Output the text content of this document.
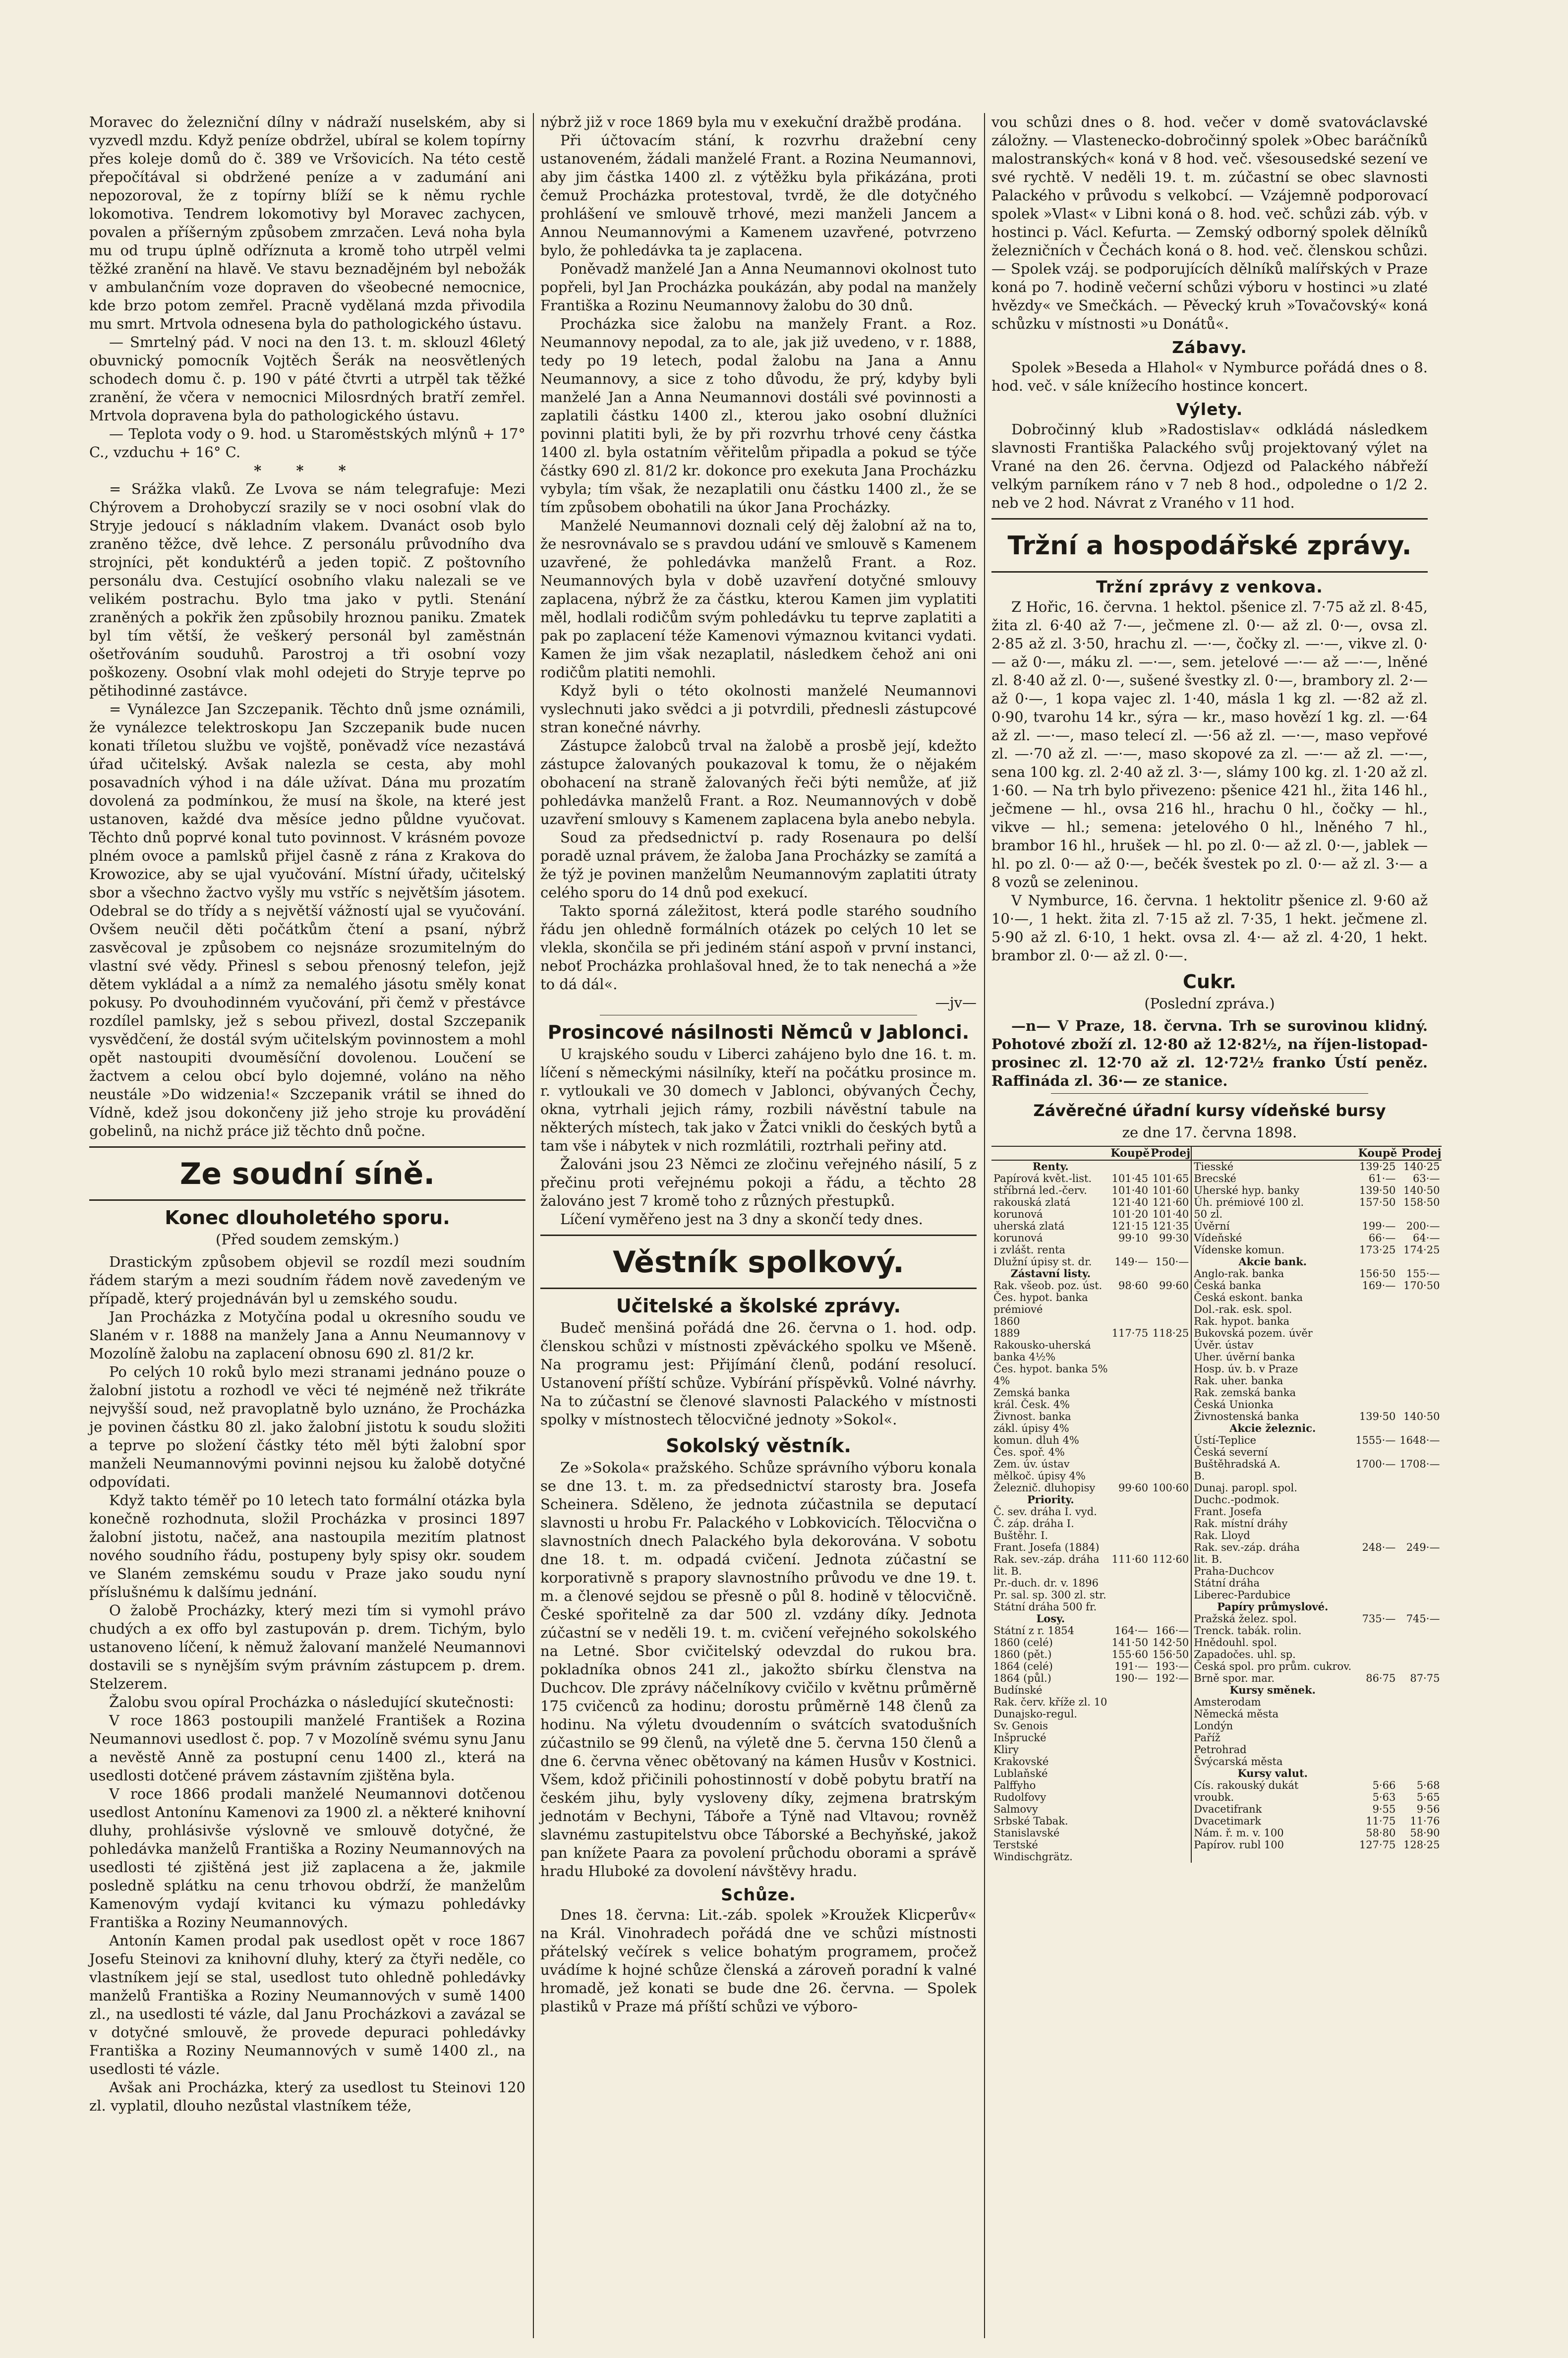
Moravec do železniční dílny v nádraží nuselském, aby si vyzvedl mzdu. Když peníze obdržel, ubíral se kolem topírny přes koleje domů do č. 389 ve Vršovicích. Na této cestě přepočítával si obdržené peníze a v zadumání ani nepozoroval, že z topírny blíží se k němu rychle lokomotiva. Tendrem lokomotivy byl Moravec zachycen, povalen a příšerným způsobem zmrzačen. Levá noha byla mu od trupu úplně odříznuta a kromě toho utrpěl velmi těžké zranění na hlavě. Ve stavu beznadějném byl nebožák v ambulančním voze dopraven do všeobecné nemocnice, kde brzo potom zemřel. Pracně vydělaná mzda přivodila mu smrt. Mrtvola odnesena byla do pathologického ústavu.

— Smrtelný pád. V noci na den 13. t. m. sklouzl 46letý obuvnický pomocník Vojtěch Šerák na neosvětlených schodech domu č. p. 190 v páté čtvrti a utrpěl tak těžké zranění, že včera v nemocnici Milosrdných bratří zemřel. Mrtvola dopravena byla do pathologického ústavu.

— Teplota vody o 9. hod. u Staroměstských mlýnů + 17° C., vzduchu + 16° C.

* * *

= Srážka vlaků. Ze Lvova se nám telegrafuje: Mezi Chýrovem a Drohobyczí srazily se v noci osobní vlak do Stryje jedoucí s nákladním vlakem. Dvanáct osob bylo zraněno těžce, dvě lehce. Z personálu průvodního dva strojníci, pět konduktérů a jeden topič. Z poštovního personálu dva. Cestující osobního vlaku nalezali se ve velikém postrachu. Bylo tma jako v pytli. Stenání zraněných a pokřik žen způsobily hroznou paniku. Zmatek byl tím větší, že veškerý personál byl zaměstnán ošetřováním souduhů. Parostroj a tři osobní vozy poškozeny. Osobní vlak mohl odejeti do Stryje teprve po pětihodinné zastávce.

= Vynálezce Jan Szczepanik. Těchto dnů jsme oznámili, že vynálezce telektroskopu Jan Szczepanik bude nucen konati tříletou službu ve vojště, poněvadž více nezastává úřad učitelský. Avšak nalezla se cesta, aby mohl posavadních výhod i na dále užívat. Dána mu prozatím dovolená za podmínkou, že musí na škole, na které jest ustanoven, každé dva měsíce jedno půldne vyučovat. Těchto dnů poprvé konal tuto povinnost. V krásném povoze plném ovoce a pamlsků přijel časně z rána z Krakova do Krowozice, aby se ujal vyučování. Místní úřady, učitelský sbor a všechno žactvo vyšly mu vstříc s největším jásotem. Odebral se do třídy a s největší vážností ujal se vyučování. Ovšem neučil děti počátkům čtení a psaní, nýbrž zasvěcoval je způsobem co nejsnáze srozumitelným do vlastní své vědy. Přinesl s sebou přenosný telefon, jejž dětem vykládal a a nímž za nemalého jásotu směly konat pokusy. Po dvouhodinném vyučování, při čemž v přestávce rozdílel pamlsky, jež s sebou přivezl, dostal Szczepanik vysvědčení, že dostál svým učitelským povinnostem a mohl opět nastoupiti dvouměsíční dovolenou. Loučení se žactvem a celou obcí bylo dojemné, volánо na něho neustále »Do widzenia!« Szczepanik vrátil se ihned do Vídně, kdež jsou dokončeny již jeho stroje ku provádění gobelinů, na nichž práce již těchto dnů počne.

Ze soudní síně.
Konec dlouholetého sporu.
(Před soudem zemským.)

Drastickým způsobem objevil se rozdíl mezi soudním řádem starým a mezi soudním řádem nově zavedeným ve případě, který projednáván byl u zemského soudu.

Jan Procházka z Motyčína podal u okresního soudu ve Slaném v r. 1888 na manžely Jana a Annu Neumannovy v Mozolíně žalobu na zaplacení obnosu 690 zl. 81/2 kr.

Po celých 10 roků bylo mezi stranami jednáno pouze o žalobní jistotu a rozhodl ve věci té nejméně než třikráte nejvyšší soud, než pravoplatně bylo uznáno, že Procházka je povinen částku 80 zl. jako žalobní jistotu k soudu složiti a teprve po složení částky této měl býti žalobní spor manželi Neumannovými povinni nejsou ku žalobě dotyčné odpovídati.

Když takto téměř po 10 letech tato formální otázka byla konečně rozhodnuta, složil Procházka v prosinci 1897 žalobní jistotu, načež, ana nastoupila mezitím platnost nového soudního řádu, postupeny byly spisy okr. soudem ve Slaném zemskému soudu v Praze jako soudu nyní příslušnému k dalšímu jednání.

O žalobě Procházky, který mezi tím si vymohl právo chudých a ex offo byl zastupován p. drem. Tichým, bylo ustanoveno líčení, k němuž žalovaní manželé Neumannovi dostavili se s nynějším svým právním zástupcem p. drem. Stelzerem.

Žalobu svou opíral Procházka o následující skutečnosti:

V roce 1863 postoupili manželé František a Rozina Neumannovi usedlost č. pop. 7 v Mozolíně svému synu Janu a nevěstě Anně za postupní cenu 1400 zl., která na usedlosti dotčené právem zástavním zjištěna byla.

V roce 1866 prodali manželé Neumannovi dotčenou usedlost Antonínu Kamenovi za 1900 zl. a některé knihovní dluhy, prohlásivše výslovně ve smlouvě dotyčné, že pohledávka manželů Františka a Roziny Neumannových na usedlosti té zjištěná jest již zaplacena a že, jakmile posledně splátku na cenu trhovou obdrží, že manželům Kamenovým vydají kvitanci ku výmazu pohledávky Františka a Roziny Neumannových.

Antonín Kamen prodal pak usedlost opět v roce 1867 Josefu Steinovi za knihovní dluhy, který za čtyři neděle, co vlastníkem její se stal, usedlost tuto ohledně pohledávky manželů Františka a Roziny Neumannových v sumě 1400 zl., na usedlosti té vázle, dal Janu Procházkovi a zavázal se v dotyčné smlouvě, že provede depuraci pohledávky Františka a Roziny Neumannových v sumě 1400 zl., na usedlosti té vázle.

Avšak ani Procházka, který za usedlost tu Steinovi 120 zl. vyplatil, dlouho nezůstal vlastníkem téže,

nýbrž již v roce 1869 byla mu v exekuční dražbě prodána.

Při účtovacím stání, k rozvrhu dražební ceny ustanoveném, žádali manželé Frant. a Rozina Neumannovi, aby jim částka 1400 zl. z výtěžku byla přikázána, proti čemuž Procházka protestoval, tvrdě, že dle dotyčného prohlášení ve smlouvě trhové, mezi manželi Jancem a Annou Neumannovými a Kamenem uzavřené, potvrzeno bylo, že pohledávka ta je zaplacena.

Poněvadž manželé Jan a Anna Neumannovi okolnost tuto popřeli, byl Jan Procházka poukázán, aby podal na manžely Františka a Rozinu Neumannovy žalobu do 30 dnů.

Procházka sice žalobu na manžely Frant. a Roz. Neumannovy nepodal, za to ale, jak již uvedeno, v r. 1888, tedy po 19 letech, podal žalobu na Jana a Annu Neumannovy, a sice z toho důvodu, že prý, kdyby byli manželé Jan a Anna Neumannovi dostáli své povinnosti a zaplatili částku 1400 zl., kterou jako osobní dlužníci povinni platiti byli, že by při rozvrhu trhové ceny částka 1400 zl. byla ostatním věřitelům připadla a pokud se týče částky 690 zl. 81/2 kr. dokonce pro exekuta Jana Procházku vybyla; tím však, že nezaplatili onu částku 1400 zl., že se tím způsobem obohatili na úkor Jana Procházky.

Manželé Neumannovi doznali celý děj žalobní až na to, že nesrovnávalo se s pravdou udání ve smlouvě s Kamenem uzavřené, že pohledávka manželů Frant. a Roz. Neumannových byla v době uzavření dotyčné smlouvy zaplacena, nýbrž že za částku, kterou Kamen jim vyplatiti měl, hodlali rodičům svým pohledávku tu teprve zaplatiti a pak po zaplacení téže Kamenovi výmaznou kvitanci vydati. Kamen že jim však nezaplatil, následkem čehož ani oni rodičům platiti nemohli.

Když byli o této okolnosti manželé Neumannovi vyslechnuti jako svědci a ji potvrdili, přednesli zástupcové stran konečné návrhy.

Zástupce žalobců trval na žalobě a prosbě její, kdežto zástupce žalovaných poukazoval k tomu, že o nějakém obohacení na straně žalovaných řeči býti nemůže, ať již pohledávka manželů Frant. a Roz. Neumannových v době uzavření smlouvy s Kamenem zaplacena byla anebo nebyla.

Soud za předsednictví p. rady Rosenaura po delší poradě uznal právem, že žaloba Jana Procházky se zamítá a že týž je povinen manželům Neumannovým zaplatiti útraty celého sporu do 14 dnů pod exekucí.

Takto sporná záležitost, která podle starého soudního řádu jen ohledně formálních otázek po celých 10 let se vlekla, skončila se při jediném stání aspoň v první instanci, neboť Procházka prohlašoval hned, že to tak nenechá a »že to dá dál«.

—jv—
Prosincové násilnosti Němců v Jablonci.

U krajského soudu v Liberci zahájeno bylo dne 16. t. m. líčení s německými násilníky, kteří na počátku prosince m. r. vytloukali ve 30 domech v Jablonci, obývaných Čechy, okna, vytrhali jejich rámy, rozbili návěstní tabule na některých místech, tak jako v Žatci vnikli do českých bytů a tam vše i nábytek v nich rozmlátili, roztrhali peřiny atd.

Žalováni jsou 23 Němci ze zločinu veřejného násilí, 5 z přečinu proti veřejnému pokoji a řádu, a těchto 28 žalováno jest 7 kromě toho z různých přestupků.

Líčení vyměřeno jest na 3 dny a skončí tedy dnes.

Věstník spolkový.
Učitelské a školské zprávy.

Budeč menšiná pořádá dne 26. června o 1. hod. odp. členskou schůzi v místnosti zpěváckého spolku ve Mšeně. Na programu jest: Přijímání členů, podání resolucí. Ustanovení příští schůze. Vybírání příspěvků. Volné návrhy. Na to zúčastní se členové slavnosti Palackého v místnosti spolky v místnostech tělocvičné jednoty »Sokol«.

Sokolský věstník.

Ze »Sokola« pražského. Schůze správního výboru konala se dne 13. t. m. za předsednictví starosty bra. Josefa Scheinera. Sděleno, že jednota zúčastnila se deputací slavnosti u hrobu Fr. Palackého v Lobkovicích. Tělocvična o slavnostních dnech Palackého byla dekorována. V sobotu dne 18. t. m. odpadá cvičení. Jednota zúčastní se korporativně s prapory slavnostního průvodu ve dne 19. t. m. a členové sejdou se přesně o půl 8. hodině v tělocvičně. České spořitelně za dar 500 zl. vzdány díky. Jednota zúčastní se v neděli 19. t. m. cvičení veřejného sokolského na Letné. Sbor cvičitelský odevzdal do rukou bra. pokladníka obnos 241 zl., jakožto sbírku členstva na Duchcov. Dle zprávy náčelníkovy cvičilo v květnu průměrně 175 cvičenců za hodinu; dorostu průměrně 148 členů za hodinu. Na výletu dvoudenním o svátcích svatodušních zúčastnilo se 99 členů, na výletě dne 5. června 150 členů a dne 6. června věnec obětovaný na kámen Husův v Kostnici. Všem, kdož přičinili pohostinností v době pobytu bratří na českém jihu, byly vysloveny díky, zejmena bratrským jednotám v Bechyni, Táboře a Týně nad Vltavou; rovněž slavnému zastupitelstvu obce Táborské a Bechyňské, jakož pan knížete Paara za povolení průchodu oborami a správě hradu Hluboké za dovolení návštěvy hradu.

Schůze.

Dnes 18. června: Lit.-záb. spolek »Kroužek Klicperův« na Král. Vinohradech pořádá dne ve schůzi místnosti přátelský večírek s velice bohatým programem, pročež uvádíme k hojné schůze členská a zároveň poradní k valné hromadě, jež konati se bude dne 26. června. — Spolek plastiků v Praze má příští schůzi ve výboro-

vou schůzi dnes o 8. hod. večer v domě svatováclavské záložny. — Vlastenecko-dobročinný spolek »Obec baráčníků malostranských« koná v 8 hod. več. všesousedské sezení ve své rychtě. V neděli 19. t. m. zúčastní se obec slavnosti Palackého v průvodu s velkobcí. — Vzájemně podporovací spolek »Vlast« v Libni koná o 8. hod. več. schůzi záb. výb. v hostinci p. Václ. Kefurta. — Zemský odborný spolek dělníků železničních v Čechách koná o 8. hod. več. členskou schůzi. — Spolek vzáj. se podporujících dělníků malířských v Praze koná po 7. hodině večerní schůzi výboru v hostinci »u zlaté hvězdy« ve Smečkách. — Pěvecký kruh »Tovačovský« koná schůzku v místnosti »u Donátů«.

Zábavy.

Spolek »Beseda a Hlahol« v Nymburce pořádá dnes o 8. hod. več. v sále knížecího hostince koncert.

Výlety.

Dobročinný klub »Radostislav« odkládá následkem slavnosti Františka Palackého svůj projektovaný výlet na Vrané na den 26. června. Odjezd od Palackého nábřeží velkým parníkem ráno v 7 neb 8 hod., odpoledne o 1/2 2. neb ve 2 hod. Návrat z Vraného v 11 hod.

Tržní a hospodářské zprávy.
Tržní zprávy z venkova.

Z Hořic, 16. června. 1 hektol. pšenice zl. 7·75 až zl. 8·45, žita zl. 6·40 až 7·—, ječmene zl. 0·— až zl. 0·—, ovsa zl. 2·85 až zl. 3·50, hrachu zl. —·—, čočky zl. —·—, vikve zl. 0·— až 0·—, máku zl. —·—, sem. jetelové —·— až —·—, lněné zl. 8·40 až zl. 0·—, sušené švestky zl. 0·—, brambory zl. 2·— až 0·—, 1 kopa vajec zl. 1·40, másla 1 kg zl. —·82 až zl. 0·90, tvarohu 14 kr., sýra — kr., maso hovězí 1 kg. zl. —·64 až zl. —·—, maso telecí zl. —·56 až zl. —·—, maso vepřové zl. —·70 až zl. —·—, maso skopové za zl. —·— až zl. —·—, sena 100 kg. zl. 2·40 až zl. 3·—, slámy 100 kg. zl. 1·20 až zl. 1·60. — Na trh bylo přivezeno: pšenice 421 hl., žita 146 hl., ječmene — hl., ovsa 216 hl., hrachu 0 hl., čočky — hl., vikve — hl.; semena: jetelového 0 hl., lněného 7 hl., brambor 16 hl., hrušek — hl. po zl. 0·— až zl. 0·—, jablek — hl. po zl. 0·— až 0·—, bečék švestek po zl. 0·— až zl. 3·— a 8 vozů se zeleninou.

V Nymburce, 16. června. 1 hektolitr pšenice zl. 9·60 až 10·—, 1 hekt. žita zl. 7·15 až zl. 7·35, 1 hekt. ječmene zl. 5·90 až zl. 6·10, 1 hekt. ovsa zl. 4·— až zl. 4·20, 1 hekt. brambor zl. 0·— až zl. 0·—.

Cukr.
(Poslední zpráva.)

—n— V Praze, 18. června. Trh se surovinou klidný. Pohotové zboží zl. 12·80 až 12·82½, na říjen-listopad-prosinec zl. 12·70 až zl. 12·72½ franko Ústí peněz. Raffináda zl. 36·— ze stanice.

Závěrečné úřadní kursy vídeňské bursy
ze dne 17. června 1898.
	Koupě	Prodej		Koupě	Prodej
Renty.			Tiesské	139·25	140·25
Papírová květ.-list.	101·45	101·65	Brecské	61·—	63·—
stříbrná led.-červ.	101·40	101·60	Uherské hyp. banky	139·50	140·50
rakouská zlatá	121·40	121·60	Úh. prémiové 100 zl.	157·50	158·50
korunová	101·20	101·40	50 zl.		
uherská zlatá	121·15	121·35	Úvěrní	199·—	200·—
korunová	99·10	99·30	Vídeňské	66·—	64·—
i zvlášt. renta			Vídenske komun.	173·25	174·25
Dlužní úpisy st. dr.	149·—	150·—	Akcie bank.		
Zástavní listy.			Anglo-rak. banka	156·50	155·—
Rak. všeob. poz. úst.	98·60	99·60	Česká banka	169·—	170·50
Čes. hypot. banka			Česká eskont. banka		
prémiové			Dol.-rak. esk. spol.		
1860			Rak. hypot. banka		
1889	117·75	118·25	Bukovská pozem. úvěr		
Rakousko-uherská			Úvěr. ústav		
banka 4½%			Uher. úvěrní banka		
Čes. hypot. banka 5%			Hosp. úv. b. v Praze		
4%			Rak. uher. banka		
Zemská banka			Rak. zemská banka		
král. Česk. 4%			Česká Unionka		
Živnost. banka			Živnostenská banka	139·50	140·50
zákl. úpisy 4%			Akcie železnic.		
komun. dluh 4%			Ústí-Teplice	1555·—	1648·—
Čes. spoř. 4%			Česká severní		
Zem. úv. ústav			Buštěhradská A.	1700·—	1708·—
mělkoč. úpisy 4%			B.		
Železnič. dluhopisy	99·60	100·60	Dunaj. paropl. spol.		
Priority.			Duchc.-podmok.		
Č. sev. dráha I. vyd.			Frant. Josefa		
Č. záp. dráha I.			Rak. místní dráhy		
Buštěhr. I.			Rak. Lloyd		
Frant. Josefa (1884)			Rak. sev.-záp. dráha	248·—	249·—
Rak. sev.-záp. dráha	111·60	112·60	lit. B.		
lit. B.			Praha-Duchcov		
Pr.-duch. dr. v. 1896			Státní dráha		
Pr. sal. sp. 300 zl. str.			Liberec-Pardubice		
Státní dráha 500 fr.			Papíry průmyslové.		
Losy.			Pražská želez. spol.	735·—	745·—
Státní z r. 1854	164·—	166·—	Trenck. tabák. rolin.		
1860 (celé)	141·50	142·50	Hnědouhl. spol.		
1860 (pět.)	155·60	156·50	Zapadočes. uhl. sp.		
1864 (celé)	191·—	193·—	Česká spol. pro prům. cukrov.		
1864 (půl.)	190·—	192·—	Brně spor. mar.	86·75	87·75
Budínské			Kursy směnek.		
Rak. červ. kříže zl. 10			Amsterodam		
Dunajsko-regul.			Německá města		
Sv. Genois			Londýn		
Inšprucké			Paříž		
Kliry			Petrohrad		
Krakovské			Švýcarská města		
Lublaňské			Kursy valut.		
Palffyho			Cís. rakouský dukát	5·66	5·68
Rudolfovy			vroubk.	5·63	5·65
Salmovy			Dvacetifrank	9·55	9·56
Srbské Tabak.			Dvacetimark	11·75	11·76
Stanislavské			Nám. ř. m. v. 100	58·80	58·90
Terstské			Papírov. rubl 100	127·75	128·25
Windischgrätz.					
